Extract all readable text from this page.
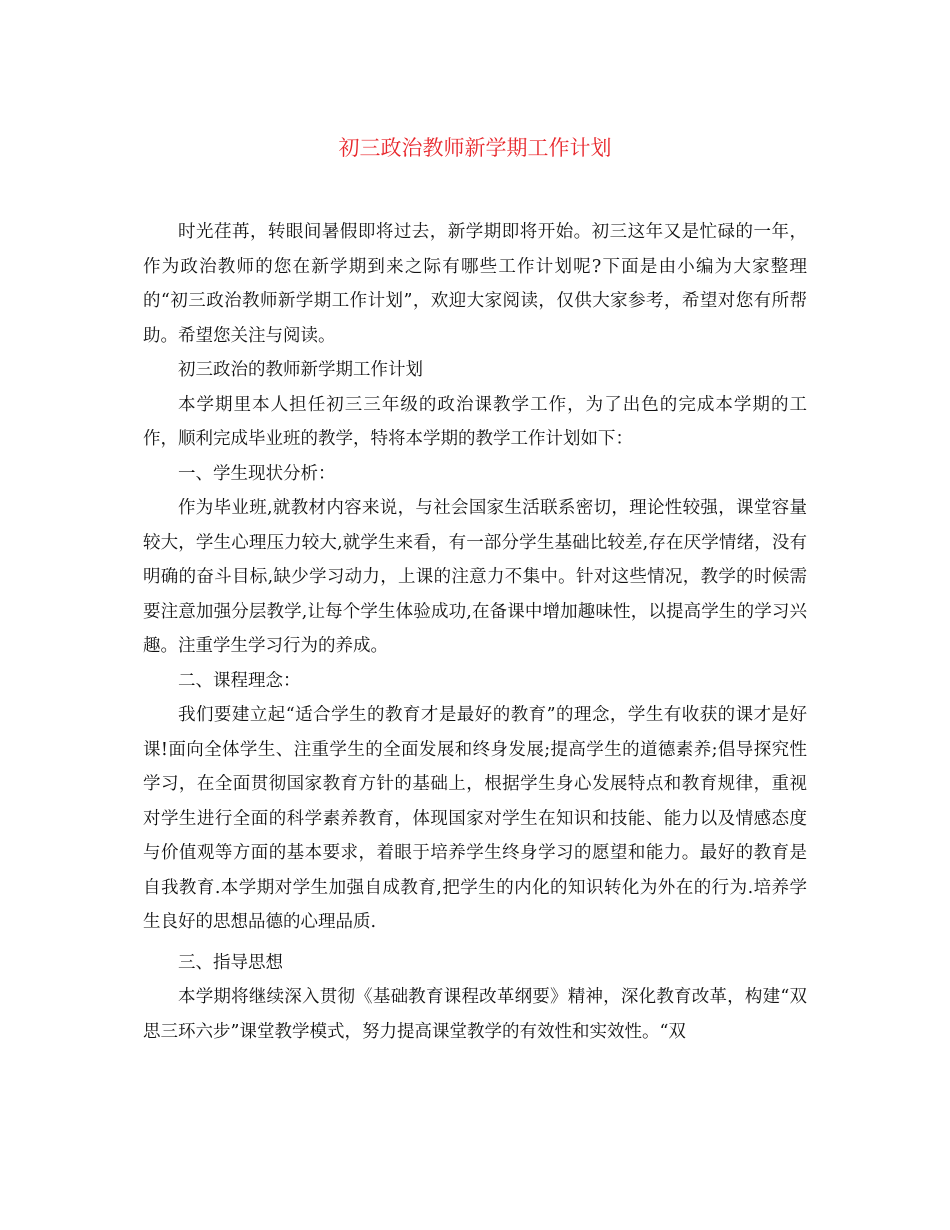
初三政治教师新学期工作计划

时光荏苒，转眼间暑假即将过去，新学期即将开始。初三这年又是忙碌的一年，作为政治教师的您在新学期到来之际有哪些工作计划呢?下面是由小编为大家整理的“初三政治教师新学期工作计划”，欢迎大家阅读，仅供大家参考，希望对您有所帮助。希望您关注与阅读。

初三政治的教师新学期工作计划

本学期里本人担任初三三年级的政治课教学工作，为了出色的完成本学期的工作，顺利完成毕业班的教学，特将本学期的教学工作计划如下：

一、学生现状分析：

作为毕业班,就教材内容来说，与社会国家生活联系密切，理论性较强，课堂容量较大，学生心理压力较大,就学生来看，有一部分学生基础比较差,存在厌学情绪，没有明确的奋斗目标,缺少学习动力，上课的注意力不集中。针对这些情况，教学的时候需要注意加强分层教学,让每个学生体验成功,在备课中增加趣味性，以提高学生的学习兴趣。注重学生学习行为的养成。

二、课程理念：

我们要建立起“适合学生的教育才是最好的教育”的理念，学生有收获的课才是好课!面向全体学生、注重学生的全面发展和终身发展;提高学生的道德素养;倡导探究性学习，在全面贯彻国家教育方针的基础上，根据学生身心发展特点和教育规律，重视对学生进行全面的科学素养教育，体现国家对学生在知识和技能、能力以及情感态度与价值观等方面的基本要求，着眼于培养学生终身学习的愿望和能力。最好的教育是自我教育.本学期对学生加强自成教育,把学生的内化的知识转化为外在的行为.培养学生良好的思想品德的心理品质.

三、指导思想

本学期将继续深入贯彻《基础教育课程改革纲要》精神，深化教育改革，构建“双思三环六步”课堂教学模式，努力提高课堂教学的有效性和实效性。“双
